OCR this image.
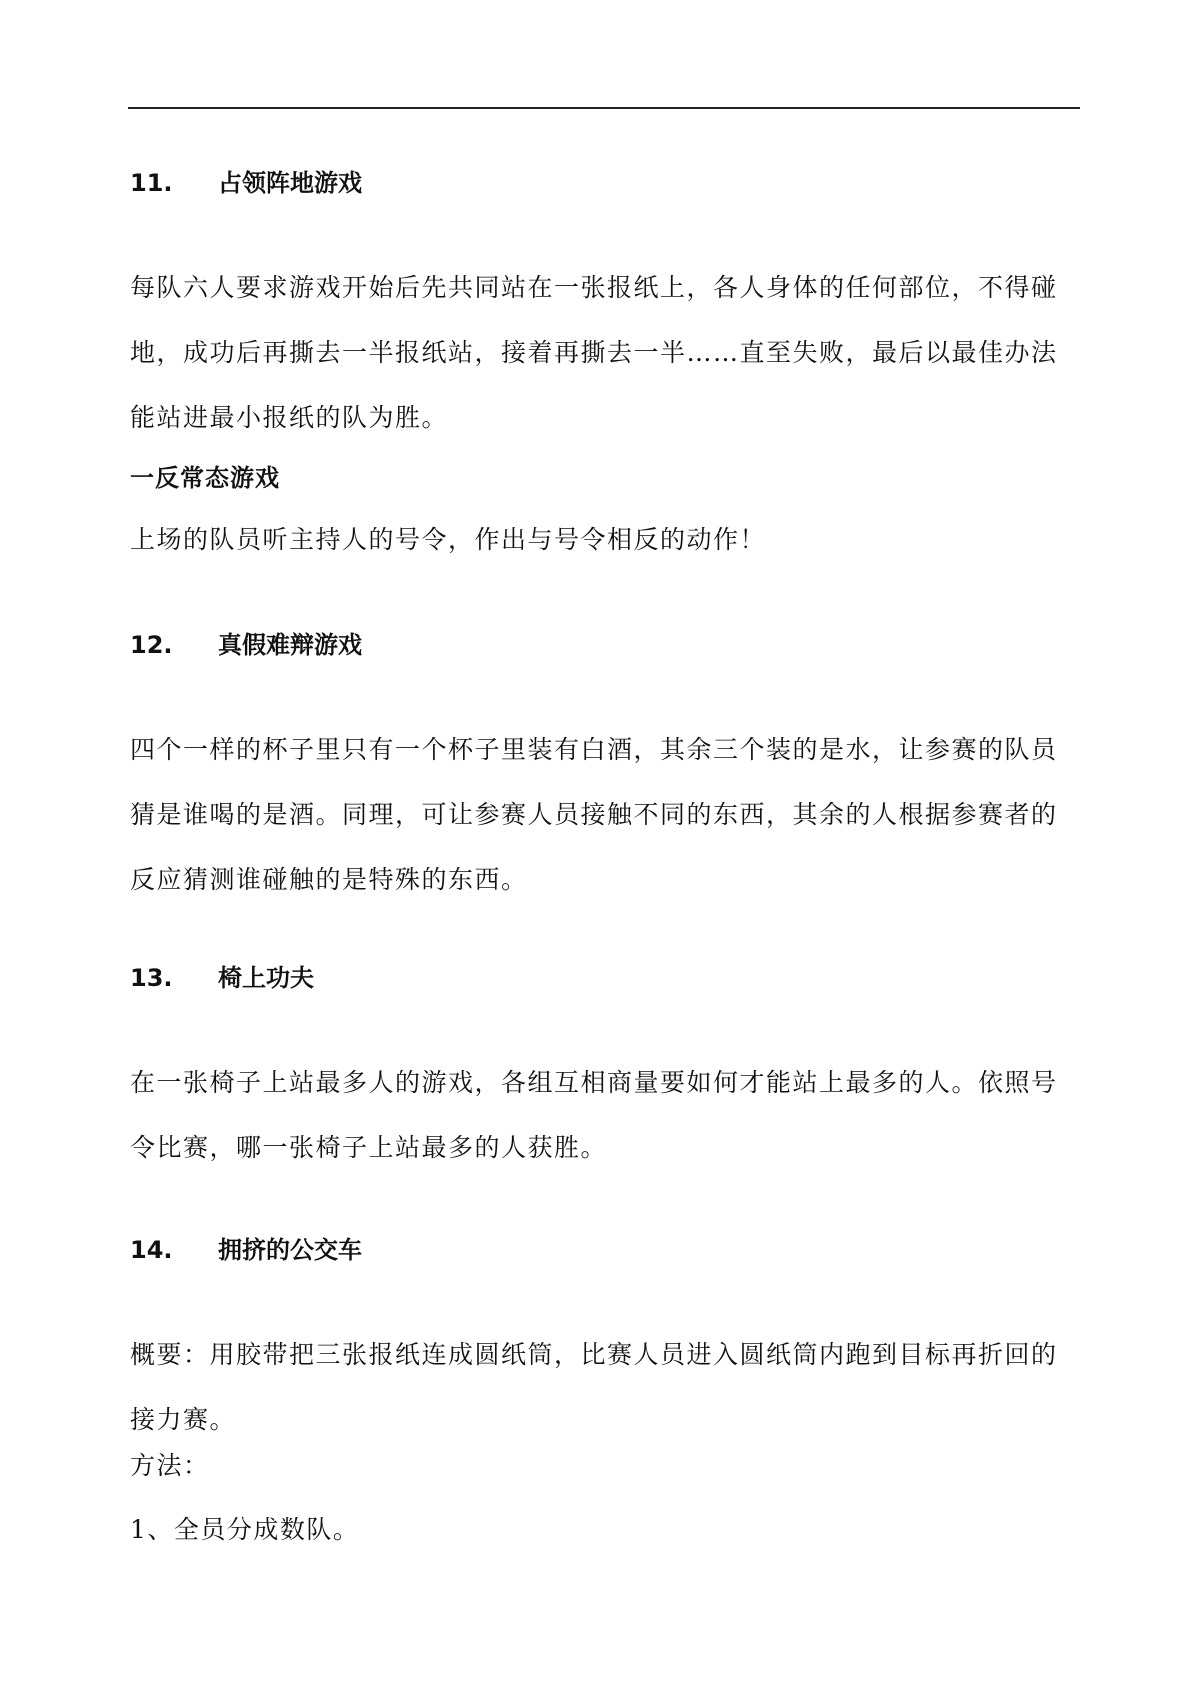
11. 占领阵地游戏

每队六人要求游戏开始后先共同站在一张报纸上，各人身体的任何部位，不得碰地，成功后再撕去一半报纸站，接着再撕去一半……直至失败，最后以最佳办法能站进最小报纸的队为胜。

一反常态游戏
上场的队员听主持人的号令，作出与号令相反的动作！
12. 真假难辩游戏

四个一样的杯子里只有一个杯子里装有白酒，其余三个装的是水，让参赛的队员猜是谁喝的是酒。同理，可让参赛人员接触不同的东西，其余的人根据参赛者的反应猜测谁碰触的是特殊的东西。

13. 椅上功夫

在一张椅子上站最多人的游戏，各组互相商量要如何才能站上最多的人。依照号令比赛，哪一张椅子上站最多的人获胜。

14. 拥挤的公交车

概要：用胶带把三张报纸连成圆纸筒，比赛人员进入圆纸筒内跑到目标再折回的接力赛。

方法：
1、全员分成数队。
